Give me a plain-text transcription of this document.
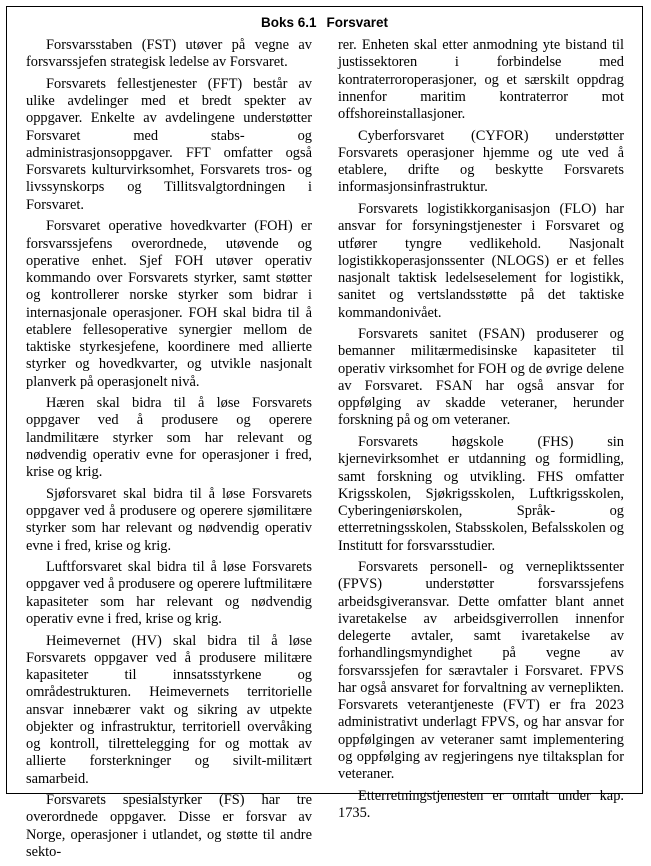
Boks 6.1 Forsvaret

Forsvarsstaben (FST) utøver på vegne av forsvarssjefen strategisk ledelse av Forsvaret.

Forsvarets fellestjenester (FFT) består av ulike avdelinger med et bredt spekter av oppgaver. Enkelte av avdelingene understøtter Forsvaret med stabs- og administrasjonsoppgaver. FFT omfatter også Forsvarets kulturvirksomhet, Forsvarets tros- og livssynskorps og Tillitsvalgtordningen i Forsvaret.

Forsvaret operative hovedkvarter (FOH) er forsvarssjefens overordnede, utøvende og operative enhet. Sjef FOH utøver operativ kommando over Forsvarets styrker, samt støtter og kontrollerer norske styrker som bidrar i internasjonale operasjoner. FOH skal bidra til å etablere fellesoperative synergier mellom de taktiske styrkesjefene, koordinere med allierte styrker og hovedkvarter, og utvikle nasjonalt planverk på operasjonelt nivå.

Hæren skal bidra til å løse Forsvarets oppgaver ved å produsere og operere landmilitære styrker som har relevant og nødvendig operativ evne for operasjoner i fred, krise og krig.

Sjøforsvaret skal bidra til å løse Forsvarets oppgaver ved å produsere og operere sjømilitære styrker som har relevant og nødvendig operativ evne i fred, krise og krig.

Luftforsvaret skal bidra til å løse Forsvarets oppgaver ved å produsere og operere luftmilitære kapasiteter som har relevant og nødvendig operativ evne i fred, krise og krig.

Heimevernet (HV) skal bidra til å løse Forsvarets oppgaver ved å produsere militære kapasiteter til innsatsstyrkene og områdestrukturen. Heimevernets territorielle ansvar innebærer vakt og sikring av utpekte objekter og infrastruktur, territoriell overvåking og kontroll, tilrettelegging for og mottak av allierte forsterkninger og sivilt-militært samarbeid.

Forsvarets spesialstyrker (FS) har tre overordnede oppgaver. Disse er forsvar av Norge, operasjoner i utlandet, og støtte til andre sekto-

rer. Enheten skal etter anmodning yte bistand til justissektoren i forbindelse med kontraterroroperasjoner, og et særskilt oppdrag innenfor maritim kontraterror mot offshoreinstallasjoner.

Cyberforsvaret (CYFOR) understøtter Forsvarets operasjoner hjemme og ute ved å etablere, drifte og beskytte Forsvarets informasjonsinfrastruktur.

Forsvarets logistikkorganisasjon (FLO) har ansvar for forsyningstjenester i Forsvaret og utfører tyngre vedlikehold. Nasjonalt logistikkoperasjonssenter (NLOGS) er et felles nasjonalt taktisk ledelseselement for logistikk, sanitet og vertslandsstøtte på det taktiske kommandonivået.

Forsvarets sanitet (FSAN) produserer og bemanner militærmedisinske kapasiteter til operativ virksomhet for FOH og de øvrige delene av Forsvaret. FSAN har også ansvar for oppfølging av skadde veteraner, herunder forskning på og om veteraner.

Forsvarets høgskole (FHS) sin kjernevirksomhet er utdanning og formidling, samt forskning og utvikling. FHS omfatter Krigsskolen, Sjøkrigsskolen, Luftkrigsskolen, Cyberingeniørskolen, Språk- og etterretningsskolen, Stabsskolen, Befalsskolen og Institutt for forsvarsstudier.

Forsvarets personell- og vernepliktssenter (FPVS) understøtter forsvarssjefens arbeidsgiveransvar. Dette omfatter blant annet ivaretakelse av arbeidsgiverrollen innenfor delegerte avtaler, samt ivaretakelse av forhandlingsmyndighet på vegne av forsvarssjefen for særavtaler i Forsvaret. FPVS har også ansvaret for forvaltning av verneplikten. Forsvarets veterantjeneste (FVT) er fra 2023 administrativt underlagt FPVS, og har ansvar for oppfølgingen av veteraner samt implementering og oppfølging av regjeringens nye tiltaksplan for veteraner.

Etterretningstjenesten er omtalt under kap. 1735.
